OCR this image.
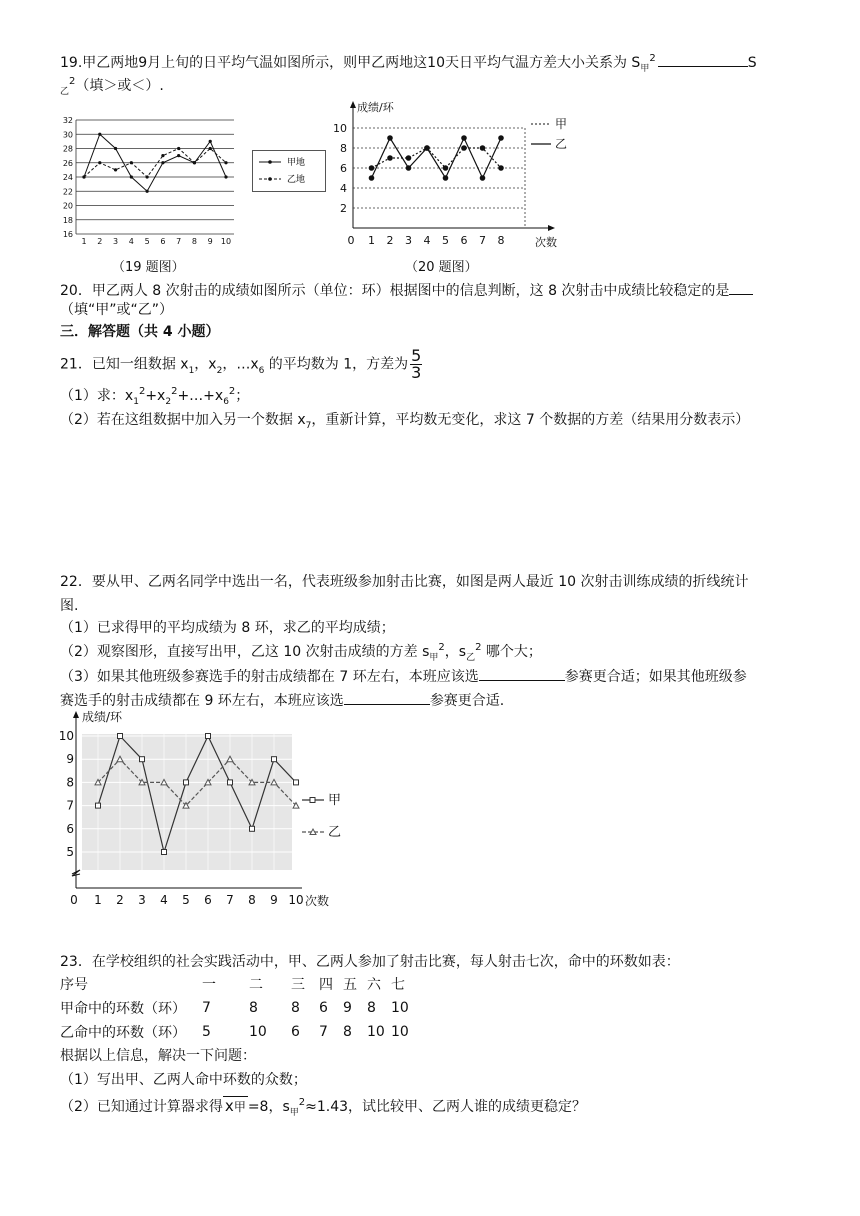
19.甲乙两地9月上旬的日平均气温如图所示，则甲乙两地这10天日平均气温方差大小关系为 $S_甲^2$	S
$_乙^2$（填＞或＜）.
16
18
20
22
24
26
28
30
32
1 2 3 4 5 6 7 8 9 10
甲地
乙地
（19 题图）
2
4
6
8
10
0 1 2 3 4 5 6 7 8
成绩/环
次数
甲
乙
（20 题图）
20．甲乙两人 8 次射击的成绩如图所示（单位：环）根据图中的信息判断，这 8 次射击中成绩比较稳定的是
（填“甲”或“乙”）
三．解答题（共 4 小题）
21．已知一组数据 $x_1$，$x_2$，$\dots x_6$ 的平均数为 1，方差为 $\frac{5}{3}$
（1）求：$x_1^2+x_2^2+\dots+x_6^2$；
（2）若在这组数据中加入另一个数据 $x_7$，重新计算，平均数无变化，求这 7 个数据的方差（结果用分数表示）
22．要从甲、乙两名同学中选出一名，代表班级参加射击比赛，如图是两人最近 10 次射击训练成绩的折线统计
图.
（1）已求得甲的平均成绩为 8 环，求乙的平均成绩；
（2）观察图形，直接写出甲，乙这 10 次射击成绩的方差 $s_甲^2$，$s_乙^2$ 哪个大；
（3）如果其他班级参赛选手的射击成绩都在 7 环左右，本班应该选	参赛更合适；如果其他班级参
赛选手的射击成绩都在 9 环左右，本班应该选	参赛更合适.
5
6
7
8
9
10
0 1 2 3 4 5 6 7 8 9 10
成绩/环
次数
甲
乙
23．在学校组织的社会实践活动中，甲、乙两人参加了射击比赛，每人射击七次，命中的环数如表：
序号	一	二	三	四	五	六	七
甲命中的环数（环）	7	8	8	6	9	8	10
乙命中的环数（环）	5	10	6	7	8	10	10
根据以上信息，解决一下问题：
（1）写出甲、乙两人命中环数的众数；
（2）已知通过计算器求得 x甲 =8，$s_甲^2\approx 1.43$，试比较甲、乙两人谁的成绩更稳定？
